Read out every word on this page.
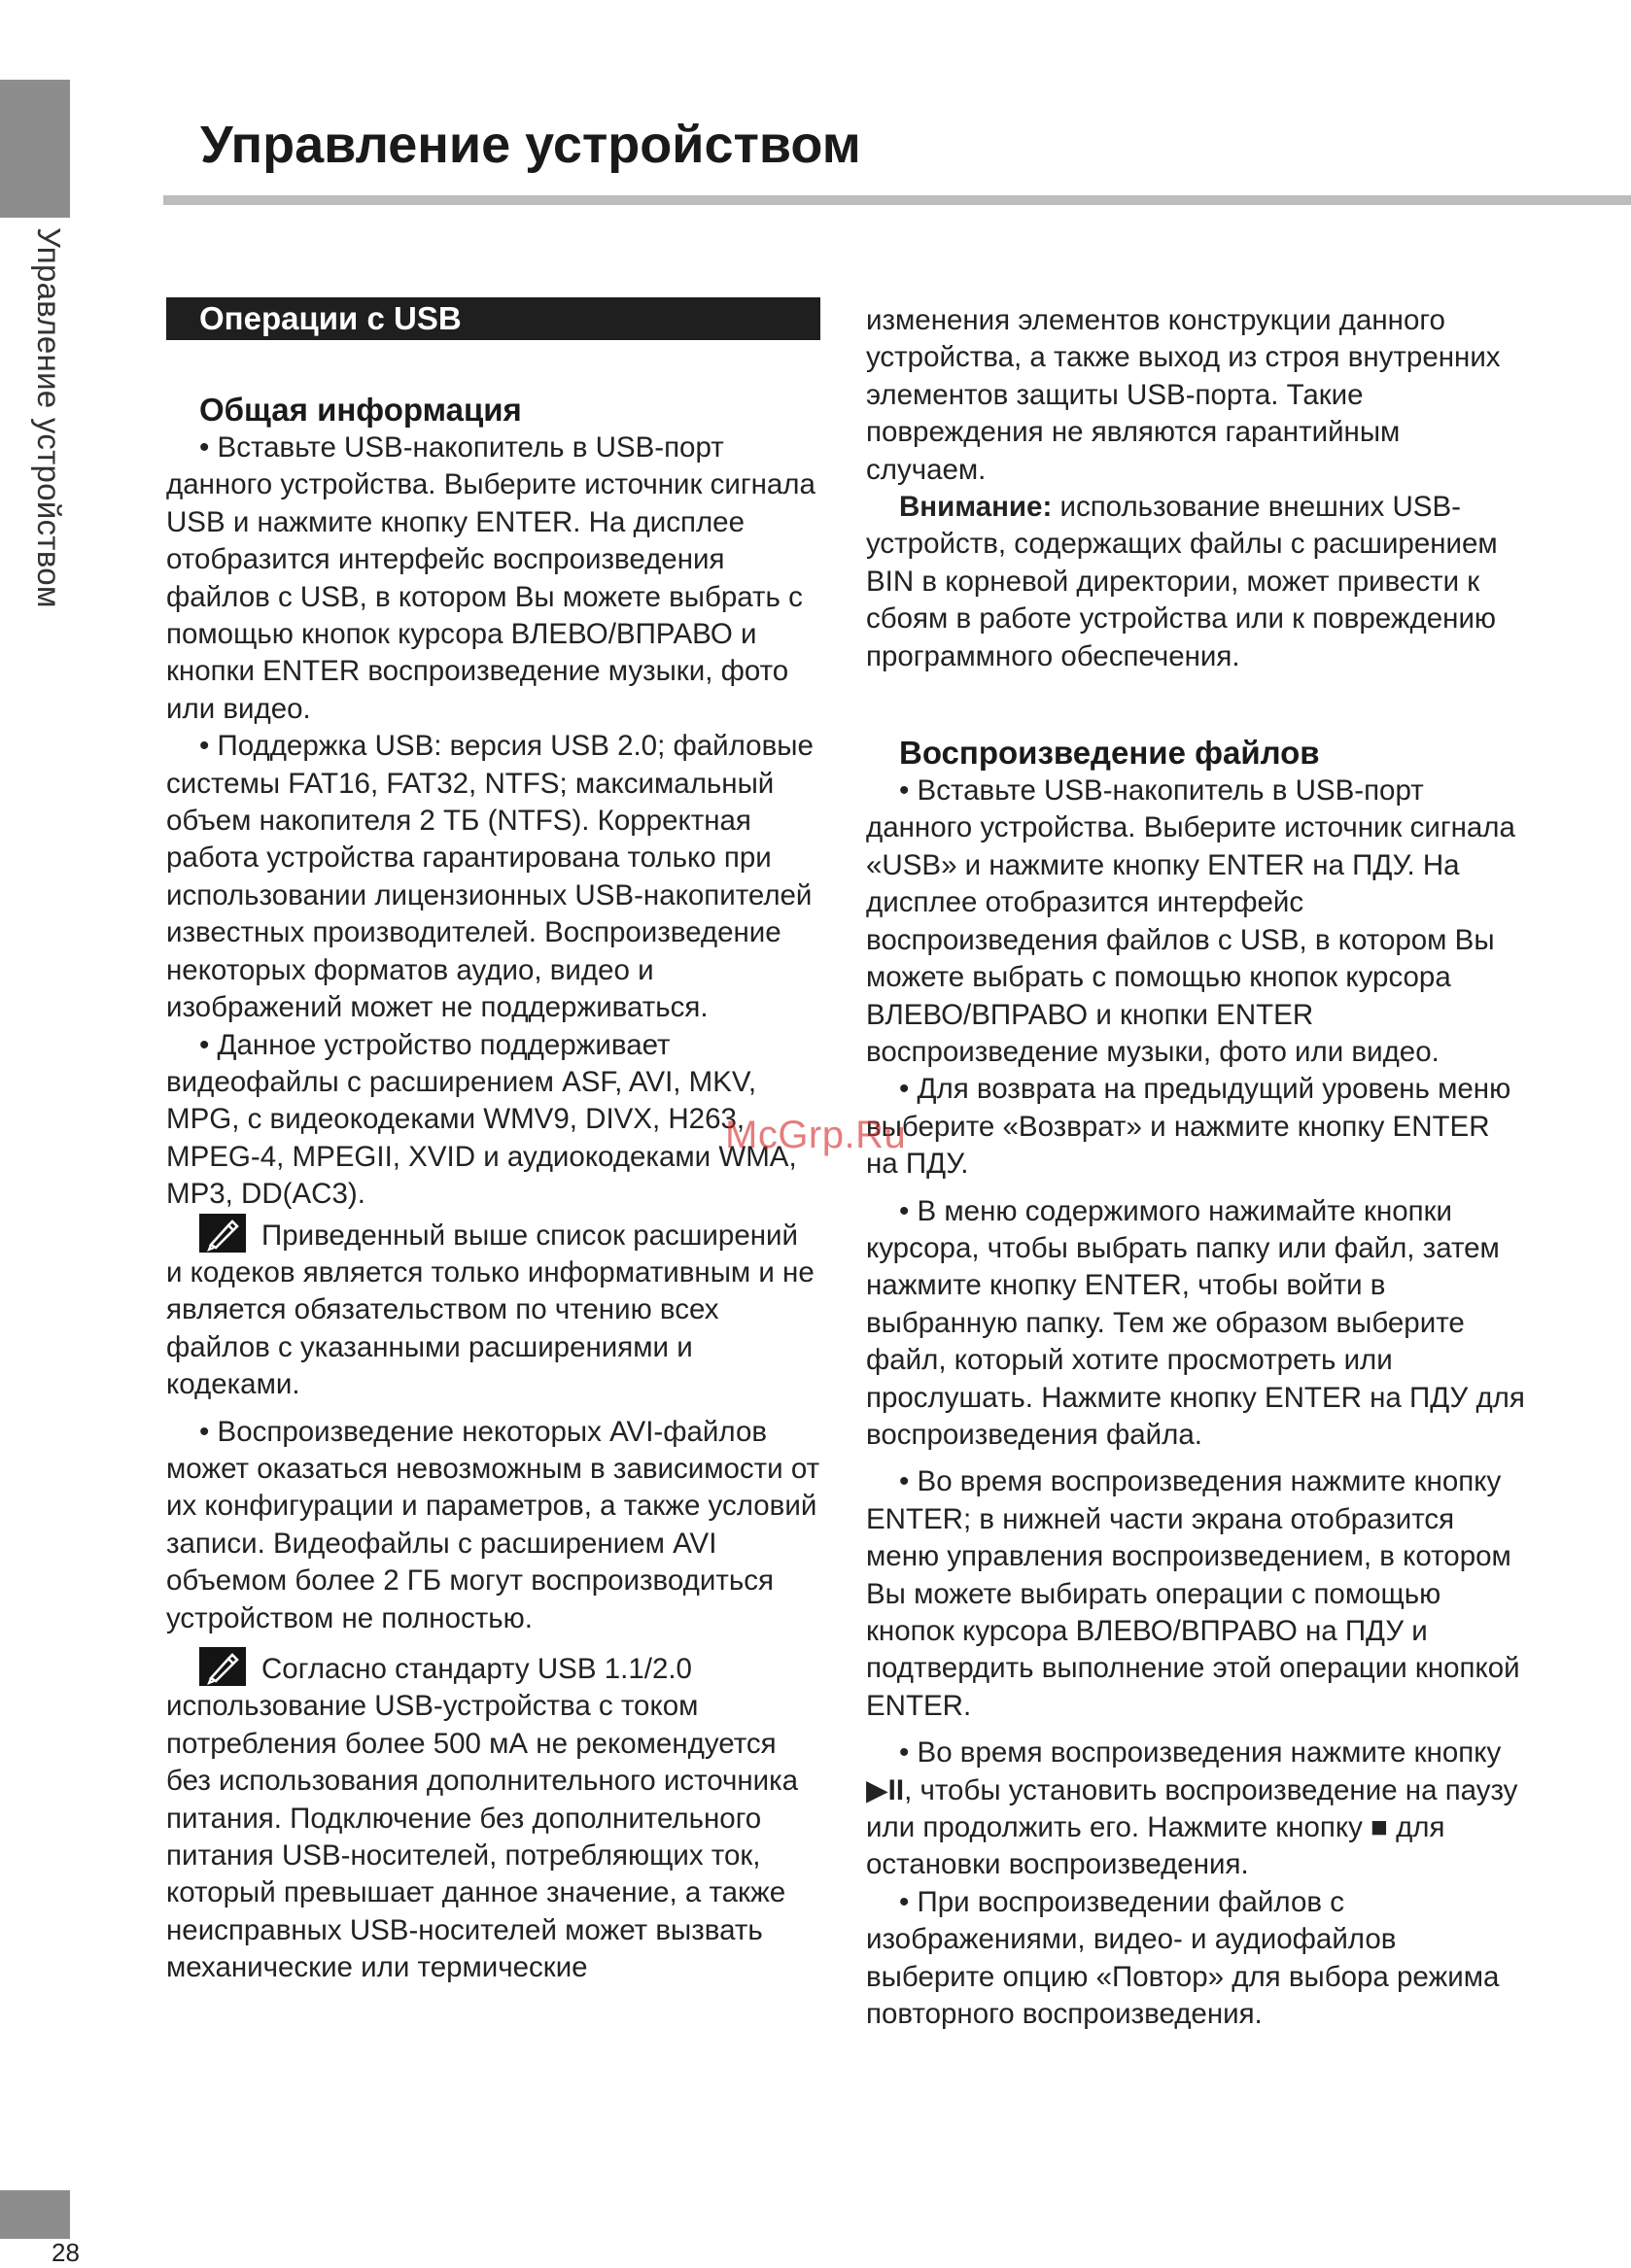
Управление устройством
28
Управление устройством
Операции с USB
Общая информация

• Вставьте USB-накопитель в USB-порт данного устройства. Выберите источник сигнала USB и нажмите кнопку ENTER. На дисплее отобразится интерфейс воспроизведения файлов с USB, в котором Вы можете выбрать с помощью кнопок курсора ВЛЕВО/ВПРАВО и кнопки ENTER воспроизведение музыки, фото или видео.

• Поддержка USB: версия USB 2.0; файловые системы FAT16, FAT32, NTFS; максимальный объем накопителя 2 ТБ (NTFS). Корректная работа устройства гарантирована только при использовании лицензионных USB-накопителей известных производителей. Воспроизведение некоторых форматов аудио, видео и изображений может не поддерживаться.

• Данное устройство поддерживает видеофайлы с расширением ASF, AVI, MKV, MPG, с видеокодеками WMV9, DIVX, H263, MPEG-4, MPEGII, XVID и аудиокодеками WMA, MP3, DD(AC3).

Приведенный выше список расширений и кодеков является только информативным и не является обязательством по чтению всех файлов с указанными расширениями и кодеками.

• Воспроизведение некоторых AVI-файлов может оказаться невозможным в зависимости от их конфигурации и параметров, а также условий записи. Видеофайлы с расширением AVI объемом более 2 ГБ могут воспроизводиться устройством не полностью.

Согласно стандарту USB 1.1/2.0 использование USB-устройства с током потребления более 500 мА не рекомендуется без использования дополнительного источника питания. Подключение без дополнительного питания USB-носителей, потребляющих ток, который превышает данное значение, а также неисправных USB-носителей может вызвать механические или термические

изменения элементов конструкции данного устройства, а также выход из строя внутренних элементов защиты USB-порта. Такие повреждения не являются гарантийным случаем.

Внимание: использование внешних USB-устройств, содержащих файлы с расширением BIN в корневой директории, может привести к сбоям в работе устройства или к повреждению программного обеспечения.

Воспроизведение файлов

• Вставьте USB-накопитель в USB-порт данного устройства. Выберите источник сигнала «USB» и нажмите кнопку ENTER на ПДУ. На дисплее отобразится интерфейс воспроизведения файлов с USB, в котором Вы можете выбрать с помощью кнопок курсора ВЛЕВО/ВПРАВО и кнопки ENTER воспроизведение музыки, фото или видео.

• Для возврата на предыдущий уровень меню выберите «Возврат» и нажмите кнопку ENTER на ПДУ.

• В меню содержимого нажимайте кнопки курсора, чтобы выбрать папку или файл, затем нажмите кнопку ENTER, чтобы войти в выбранную папку. Тем же образом выберите файл, который хотите просмотреть или прослушать. Нажмите кнопку ENTER на ПДУ для воспроизведения файла.

• Во время воспроизведения нажмите кнопку ENTER; в нижней части экрана отобразится меню управления воспроизведением, в котором Вы можете выбирать операции с помощью кнопок курсора ВЛЕВО/ВПРАВО на ПДУ и подтвердить выполнение этой операции кнопкой ENTER.

• Во время воспроизведения нажмите кнопку ▶II, чтобы установить воспроизведение на паузу или продолжить его. Нажмите кнопку ■ для остановки воспроизведения.

• При воспроизведении файлов с изображениями, видео- и аудиофайлов выберите опцию «Повтор» для выбора режима повторного воспроизведения.

McGrp.Ru
